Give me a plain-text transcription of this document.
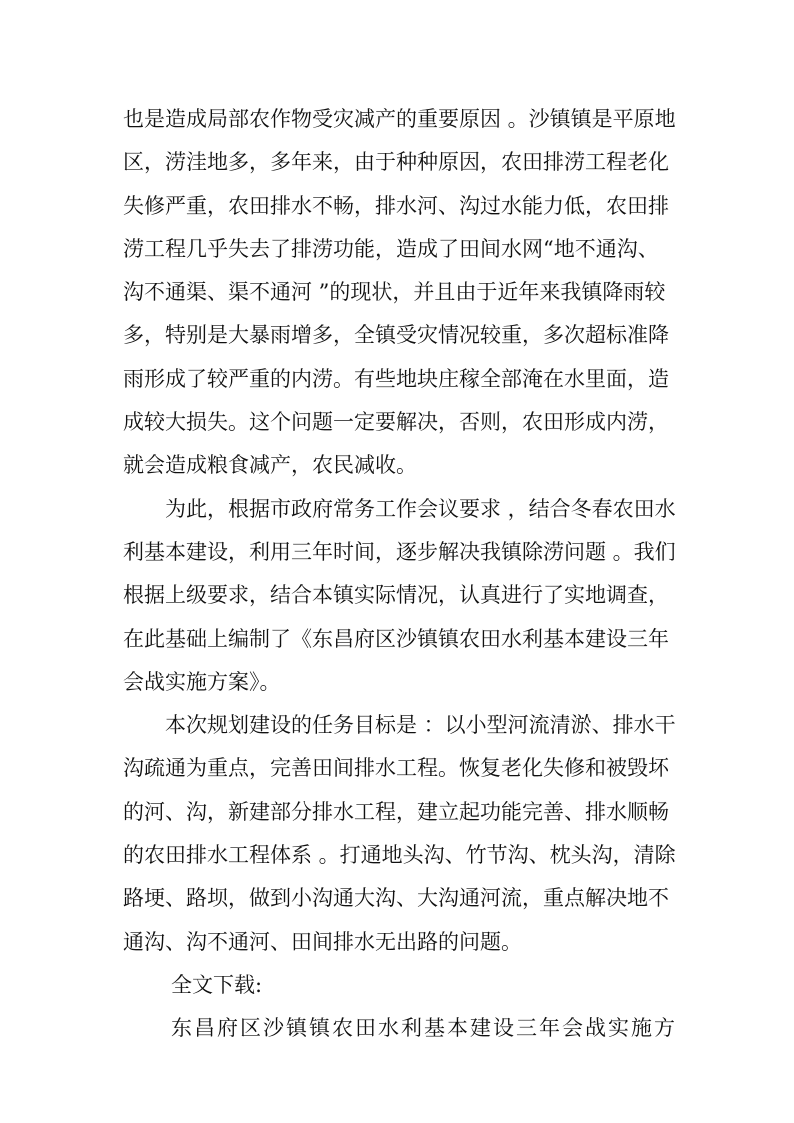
也是造成局部农作物受灾减产的重要原因 。沙镇镇是平原地
区，涝洼地多，多年来，由于种种原因，农田排涝工程老化
失修严重，农田排水不畅，排水河、沟过水能力低，农田排
涝工程几乎失去了排涝功能，造成了田间水网“地不通沟、
沟不通渠、渠不通河 ”的现状，并且由于近年来我镇降雨较
多，特别是大暴雨增多，全镇受灾情况较重，多次超标准降
雨形成了较严重的内涝。有些地块庄稼全部淹在水里面，造
成较大损失。这个问题一定要解决，否则，农田形成内涝，
就会造成粮食减产，农民减收。
为此，根据市政府常务工作会议要求 ，结合冬春农田水
利基本建设，利用三年时间，逐步解决我镇除涝问题 。我们
根据上级要求，结合本镇实际情况，认真进行了实地调查，
在此基础上编制了《东昌府区沙镇镇农田水利基本建设三年
会战实施方案》。
本次规划建设的任务目标是 ：以小型河流清淤、排水干
沟疏通为重点，完善田间排水工程。恢复老化失修和被毁坏
的河、沟，新建部分排水工程，建立起功能完善、排水顺畅
的农田排水工程体系 。打通地头沟、竹节沟、枕头沟，清除
路埂、路坝，做到小沟通大沟、大沟通河流，重点解决地不
通沟、沟不通河、田间排水无出路的问题。
全文下载:
东昌府区沙镇镇农田水利基本建设三年会战实施方
